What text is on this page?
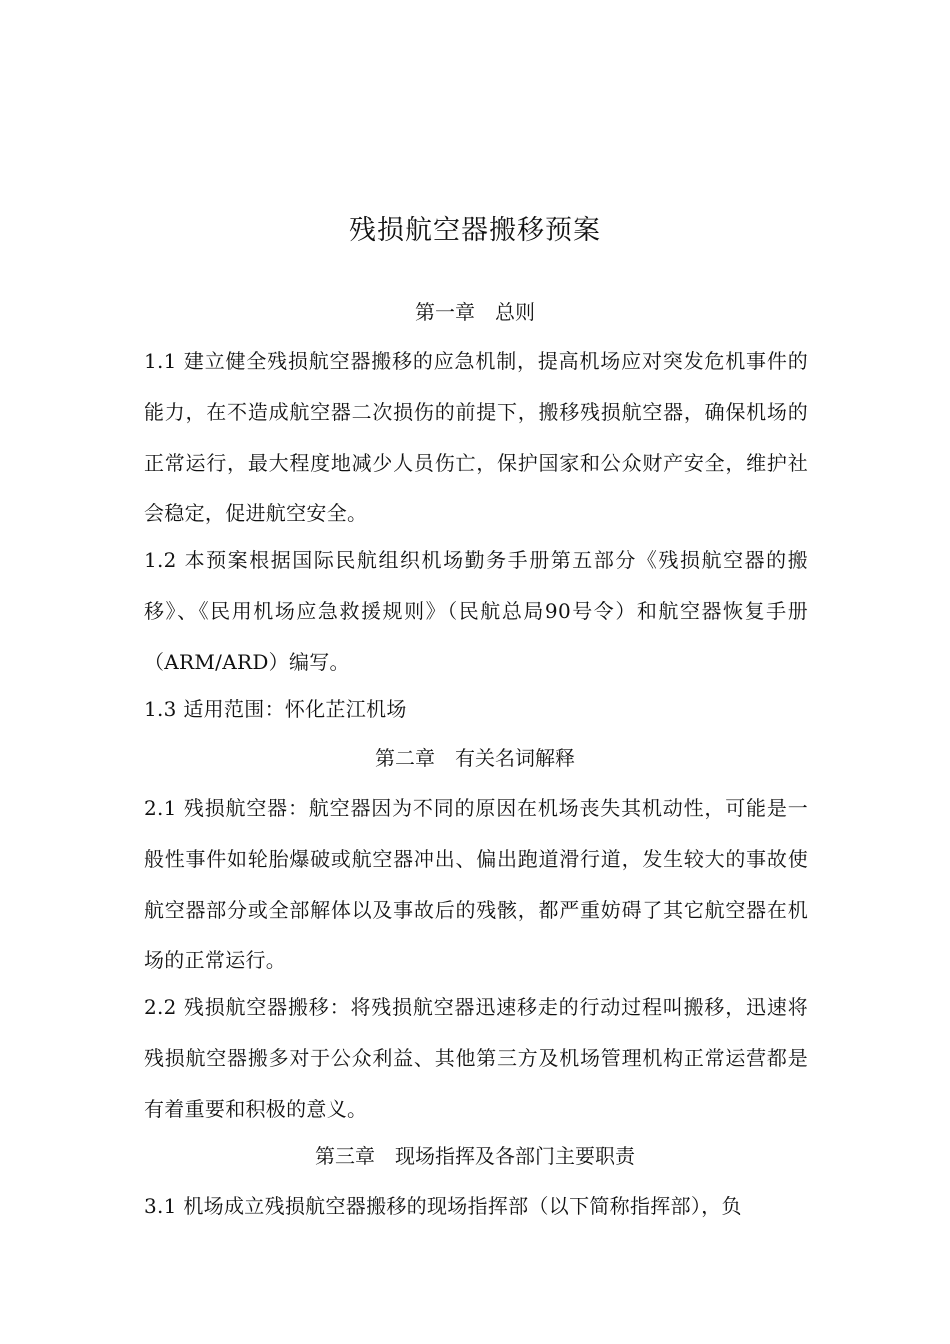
残损航空器搬移预案
第一章　总则

1.1 建立健全残损航空器搬移的应急机制，提高机场应对突发危机事件的能力，在不造成航空器二次损伤的前提下，搬移残损航空器，确保机场的正常运行，最大程度地减少人员伤亡，保护国家和公众财产安全，维护社会稳定，促进航空安全。

1.2 本预案根据国际民航组织机场勤务手册第五部分《残损航空器的搬移》、《民用机场应急救援规则》（民航总局90号令）和航空器恢复手册（ARM/ARD）编写。

1.3 适用范围：怀化芷江机场

第二章　有关名词解释

2.1 残损航空器：航空器因为不同的原因在机场丧失其机动性，可能是一般性事件如轮胎爆破或航空器冲出、偏出跑道滑行道，发生较大的事故使航空器部分或全部解体以及事故后的残骸，都严重妨碍了其它航空器在机场的正常运行。

2.2 残损航空器搬移：将残损航空器迅速移走的行动过程叫搬移，迅速将残损航空器搬多对于公众利益、其他第三方及机场管理机构正常运营都是有着重要和积极的意义。

第三章　现场指挥及各部门主要职责

3.1 机场成立残损航空器搬移的现场指挥部（以下简称指挥部），负
